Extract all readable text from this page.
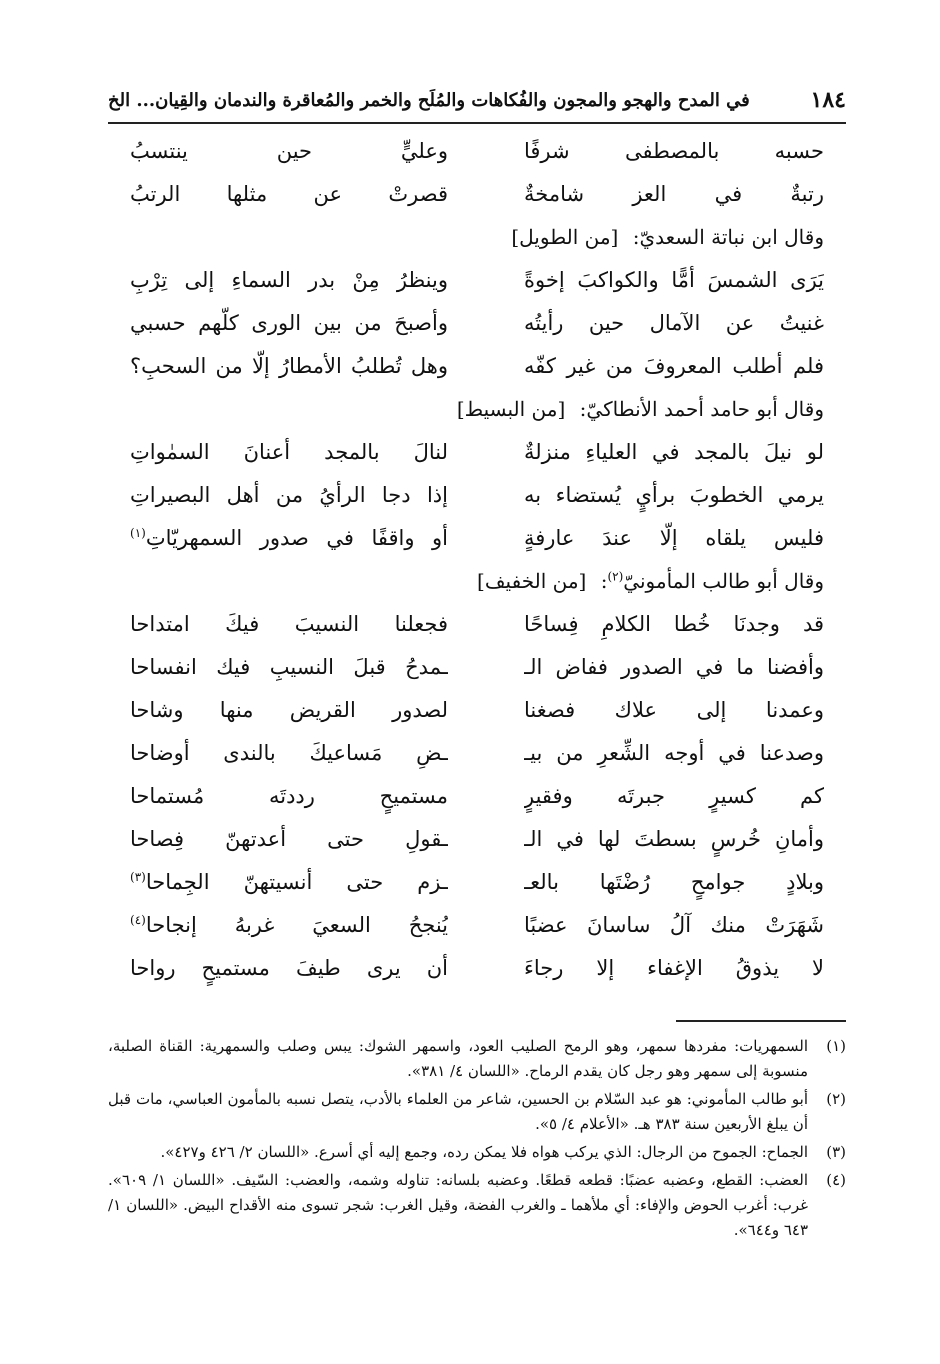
١٨٤
في المدح والهجو والمجون والفُكاهات والمُلَح والخمر والمُعاقرة والندمان والقِيان... الخ
حسبه بالمصطفى شرفًا
وعليٍّ حين ينتسبُ
رتبةٌ في العز شامخةٌ
قصرتْ عن مثلها الرتبُ
وقال ابن نباتة السعديّ: [من الطويل]
يَرَى الشمسَ أمًّا والكواكبَ إخوةً
وينظرُ مِنْ بدر السماءِ إلى تِرْبِ
غنيتُ عن الآمال حين رأيتُه
وأصبحَ من بين الورى كلّهم حسبي
فلم أطلب المعروفَ من غير كفّه
وهل تُطلبُ الأمطارُ إلّا من السحبِ؟
وقال أبو حامد أحمد الأنطاكيّ: [من البسيط]
لو نيلَ بالمجد في العلياءِ منزلةٌ
لنالَ بالمجد أعنانَ السمٰواتِ
يرمي الخطوبَ برأيٍ يُستضاء به
إذا دجا الرأيُ من أهل البصيراتِ
فليس يلقاه إلّا عندَ عارفةٍ
أو واقفًا في صدور السمهريّاتِ$^{(١)}$
وقال أبو طالب المأمونيّ$^{(٢)}$: [من الخفيف]
قد وجدنَا خُطا الكلامِ فِساحًا
فجعلنا النسيبَ فيكَ امتداحا
وأفضنا ما في الصدور ففاض الـ
ـمدحُ قبلَ النسيبِ فيك انفساحا
وعمدنا إلى علاك فصغنا
لصدور القريض منها وشاحا
وصدعنا في أوجه الشِّعرِ من بيـ
ـضِ مَساعيكَ بالندى أوضاحا
كم كسيرٍ جبرتَه وفقيرٍ
مستميحٍ رددتَه مُستماحا
وأمانِ خُرسٍ بسطتَ لها في الـ
ـقولِ حتى أعدتهنّ فِصاحا
وبلادٍ جوامحٍ رُضْتَها بالعـ
ـزم حتى أنسيتهنّ الجِماحا$^{(٣)}$
شَهَرَتْ منك آلُ ساسانَ عضبًا
يُنجحُ السعيَ غربهُ إنجاحا$^{(٤)}$
لا يذوقُ الإغفاء إلا رجاءَ
أن يرى طيفَ مستميحٍ رواحا
(١)
السمهريات: مفردها سمهر، وهو الرمح الصليب العود، واسمهر الشوك: يبس وصلب والسمهرية: القناة الصلبة، منسوبة إلى سمهر وهو رجل كان يقدم الرماح. «اللسان ٤/ ٣٨١».
(٢)
أبو طالب المأموني: هو عبد السّلام بن الحسين، شاعر من العلماء بالأدب، يتصل نسبه بالمأمون العباسي، مات قبل أن يبلغ الأربعين سنة ٣٨٣ هـ. «الأعلام ٤/ ٥».
(٣)
الجماح: الجموح من الرجال: الذي يركب هواه فلا يمكن رده، وجمع إليه أي أسرع. «اللسان ٢/ ٤٢٦ و٤٢٧».
(٤)
العضب: القطع، وعضبه عضبًا: قطعه قطعًا. وعضبه بلسانه: تناوله وشمه، والعضب: السّيف. «اللسان ١/ ٦٠٩». غرب: أغرب الحوض والإفاء: أي ملأهما ـ والغرب الفضة، وقيل الغرب: شجر تسوى منه الأقداح البيض. «اللسان ١/ ٦٤٣ و٦٤٤».
